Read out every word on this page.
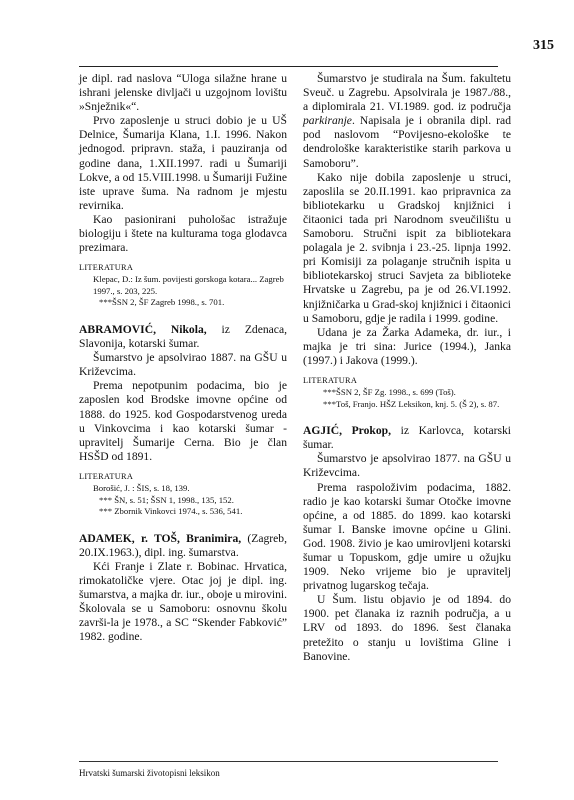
315

je dipl. rad naslova “Uloga silažne hrane u ishrani jelenske divljači u uzgojnom lovištu »Snježnik«“.

Prvo zaposlenje u struci dobio je u UŠ Delnice, Šumarija Klana, 1.I. 1996. Nakon jednogod. pripravn. staža, i pauziranja od godine dana, 1.XII.1997. radi u Šumariji Lokve, a od 15.VIII.1998. u Šumariji Fužine iste uprave šuma. Na radnom je mjestu revirnika.

Kao pasionirani puhološac istražuje biologiju i štete na kulturama toga glodavca prezimara.

LITERATURA

Klepac, D.: Iz šum. povijesti gorskoga kotara... Zagreb 1997., s. 203, 225.

***ŠSN 2, ŠF Zagreb 1998., s. 701.

ABRAMOVIĆ, Nikola, iz Zdenaca, Slavonija, kotarski šumar.

Šumarstvo je apsolvirao 1887. na GŠU u Križevcima.

Prema nepotpunim podacima, bio je zaposlen kod Brodske imovne općine od 1888. do 1925. kod Gospodarstvenog ureda u Vinkovcima i kao kotarski šumar - upravitelj Šumarije Cerna. Bio je član HSŠD od 1891.

LITERATURA

Borošić, J. : ŠIS, s. 18, 139.

*** ŠN, s. 51; ŠSN 1, 1998., 135, 152.

*** Zbornik Vinkovci 1974., s. 536, 541.

ADAMEK, r. TOŠ, Branimira, (Zagreb, 20.IX.1963.), dipl. ing. šumarstva.

Kći Franje i Zlate r. Bobinac. Hrvatica, rimokatoličke vjere. Otac joj je dipl. ing. šumarstva, a majka dr. iur., oboje u mirovini. Školovala se u Samoboru: osnovnu školu završi-la je 1978., a SC “Skender Fabković” 1982. godine.

Šumarstvo je studirala na Šum. fakultetu Sveuč. u Zagrebu. Apsolvirala je 1987./88., a diplomirala 21. VI.1989. god. iz područja parkiranje. Napisala je i obranila dipl. rad pod naslovom “Povijesno-ekološke te dendrološke karakteristike starih parkova u Samoboru”.

Kako nije dobila zaposlenje u struci, zaposlila se 20.II.1991. kao pripravnica za bibliotekarku u Gradskoj knjižnici i čitaonici tada pri Narodnom sveučilištu u Samoboru. Stručni ispit za bibliotekara polagala je 2. svibnja i 23.-25. lipnja 1992. pri Komisiji za polaganje stručnih ispita u bibliotekarskoj struci Savjeta za biblioteke Hrvatske u Zagrebu, pa je od 26.VI.1992. knjižničarka u Grad-skoj knjižnici i čitaonici u Samoboru, gdje je radila i 1999. godine.

Udana je za Žarka Adameka, dr. iur., i majka je tri sina: Jurice (1994.), Janka (1997.) i Jakova (1999.).

LITERATURA

***ŠSN 2, ŠF Zg. 1998., s. 699 (Toš).

***Toš, Franjo. HŠZ Leksikon, knj. 5. (Š 2), s. 87.

AGJIĆ, Prokop, iz Karlovca, kotarski šumar.

Šumarstvo je apsolvirao 1877. na GŠU u Križevcima.

Prema raspoloživim podacima, 1882. radio je kao kotarski šumar Otočke imovne općine, a od 1885. do 1899. kao kotarski šumar I. Banske imovne općine u Glini. God. 1908. živio je kao umirovljeni kotarski šumar u Topuskom, gdje umire u ožujku 1909. Neko vrijeme bio je upravitelj privatnog lugarskog tečaja.

U Šum. listu objavio je od 1894. do 1900. pet članaka iz raznih područja, a u LRV od 1893. do 1896. šest članaka pretežito o stanju u lovištima Gline i Banovine.

Hrvatski šumarski životopisni leksikon
